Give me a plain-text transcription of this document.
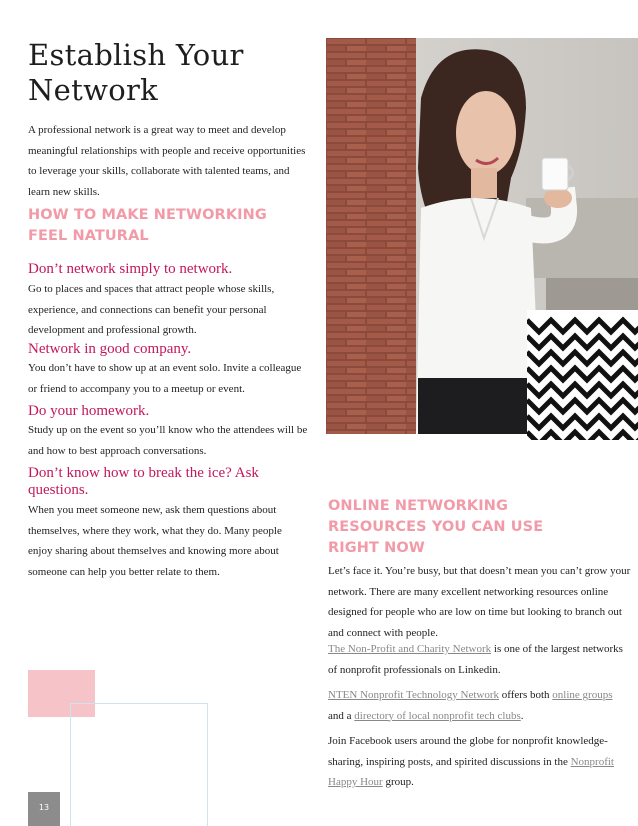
Establish Your Network
A professional network is a great way to meet and develop meaningful relationships with people and receive opportunities to leverage your skills, collaborate with talented teams, and learn new skills.
HOW TO MAKE NETWORKING FEEL NATURAL
Don’t network simply to network.
Go to places and spaces that attract people whose skills, experience, and connections can benefit your personal development and professional growth.
Network in good company.
You don’t have to show up at an event solo. Invite a colleague or friend to accompany you to a meetup or event.
Do your homework.
Study up on the event so you’ll know who the attendees will be and how to best approach conversations.
Don’t know how to break the ice? Ask questions.
When you meet someone new, ask them questions about themselves, where they work, what they do. Many people enjoy sharing about themselves and knowing more about someone can help you better relate to them.
ONLINE NETWORKING RESOURCES YOU CAN USE RIGHT NOW
Let’s face it. You’re busy, but that doesn’t mean you can’t grow your network. There are many excellent networking resources online designed for people who are low on time but looking to branch out and connect with people.
The Non-Profit and Charity Network is one of the largest networks of nonprofit professionals on Linkedin.
NTEN Nonprofit Technology Network offers both online groups and a directory of local nonprofit tech clubs.
Join Facebook users around the globe for nonprofit knowledge-sharing, inspiring posts, and spirited discussions in the Nonprofit Happy Hour group.
13
